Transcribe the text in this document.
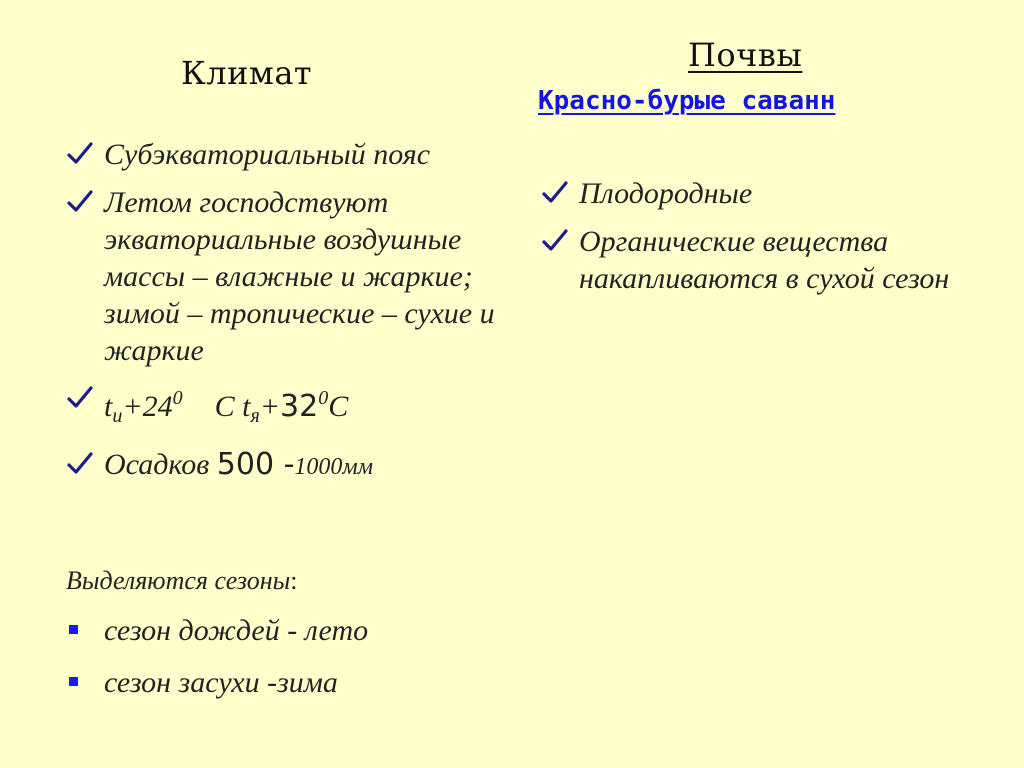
Климат	Почвы
Красно-бурые саванн
Субэкваториальный пояс
Летом господствуют экваториальные воздушные массы – влажные и жаркие; зимой – тропические – сухие и жаркие
$t_и+24^0$ С $t_я+32^0С$
Осадков 500 -1000мм
Выделяются сезоны:
сезон дождей - лето
сезон засухи -зима
Плодородные
Органические вещества накапливаются в сухой сезон
